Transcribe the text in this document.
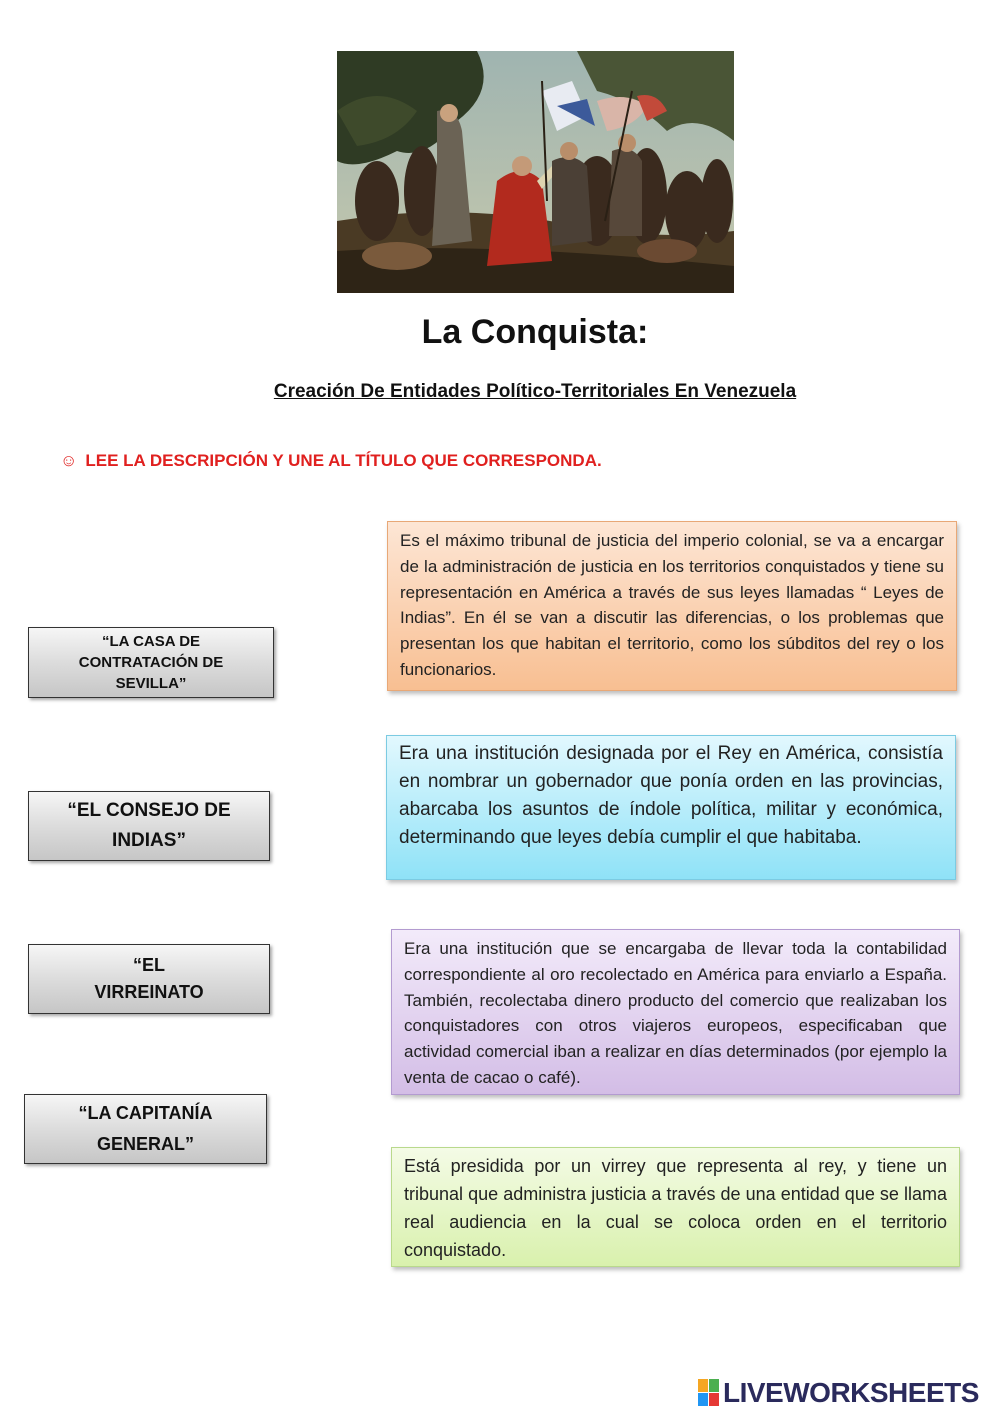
La Conquista:
Creación De Entidades Político-Territoriales En Venezuela
☺ LEE LA DESCRIPCIÓN Y UNE AL TÍTULO QUE CORRESPONDA.
“LA CASA DE
CONTRATACIÓN DE
SEVILLA”
“EL CONSEJO DE
INDIAS”
“EL
VIRREINATO
“LA CAPITANÍA
GENERAL”
Es el máximo tribunal de justicia del imperio colonial, se va a encargar de la administración de justicia en los territorios conquistados y tiene su representación en América a través de sus leyes llamadas “ Leyes de Indias”. En él se van a discutir las diferencias, o los problemas que presentan los que habitan el territorio, como los súbditos del rey o los funcionarios.
Era una institución designada por el Rey en América, consistía en nombrar un gobernador que ponía orden en las provincias, abarcaba los asuntos de índole política, militar y económica, determinando que leyes debía cumplir el que habitaba.
Era una institución que se encargaba de llevar toda la contabilidad correspondiente al oro recolectado en América para enviarlo a España. También, recolectaba dinero producto del comercio que realizaban los conquistadores con otros viajeros europeos, especificaban que actividad comercial iban a realizar en días determinados (por ejemplo la venta de cacao o café).
Está presidida por un virrey que representa al rey, y tiene un tribunal que administra justicia a través de una entidad que se llama real audiencia en la cual se coloca orden en el territorio conquistado.
LIVEWORKSHEETS
